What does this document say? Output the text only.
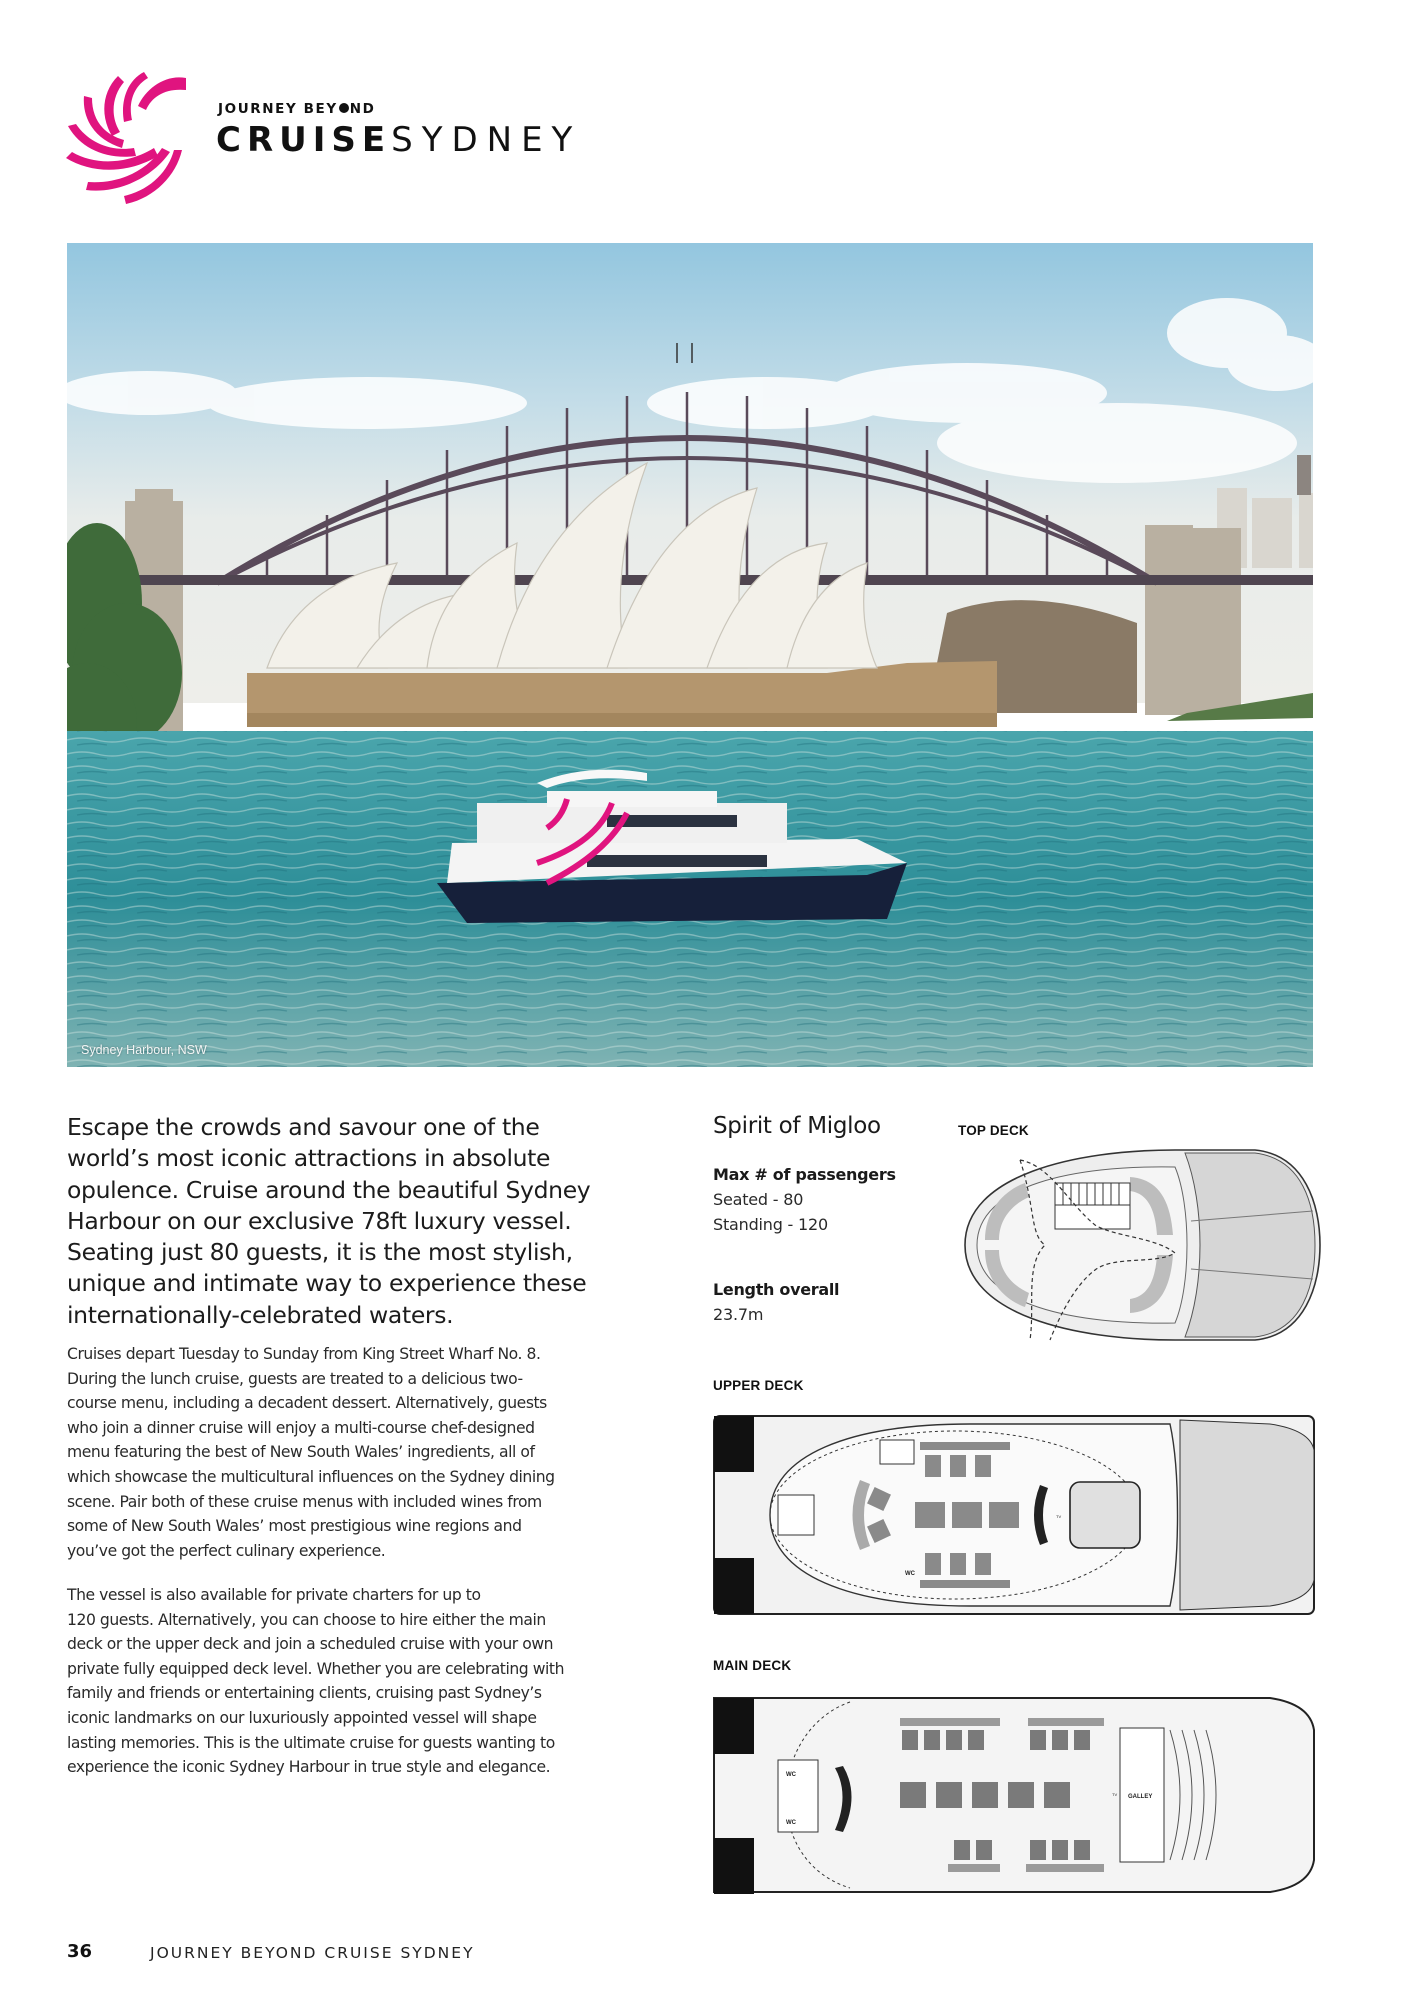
JOURNEY BEY ND
CRUISESYDNEY
Sydney Harbour, NSW
Escape the crowds and savour one of the
world’s most iconic attractions in absolute
opulence. Cruise around the beautiful Sydney
Harbour on our exclusive 78ft luxury vessel.
Seating just 80 guests, it is the most stylish,
unique and intimate way to experience these
internationally-celebrated waters.
Cruises depart Tuesday to Sunday from King Street Wharf No. 8.
During the lunch cruise, guests are treated to a delicious two-
course menu, including a decadent dessert. Alternatively, guests
who join a dinner cruise will enjoy a multi-course chef-designed
menu featuring the best of New South Wales’ ingredients, all of
which showcase the multicultural influences on the Sydney dining
scene. Pair both of these cruise menus with included wines from
some of New South Wales’ most prestigious wine regions and
you’ve got the perfect culinary experience.
The vessel is also available for private charters for up to
120 guests. Alternatively, you can choose to hire either the main
deck or the upper deck and join a scheduled cruise with your own
private fully equipped deck level. Whether you are celebrating with
family and friends or entertaining clients, cruising past Sydney’s
iconic landmarks on our luxuriously appointed vessel will shape
lasting memories. This is the ultimate cruise for guests wanting to
experience the iconic Sydney Harbour in true style and elegance.
Spirit of Migloo
Max # of passengers
Seated - 80
Standing - 120
Length overall
23.7m
TOP DECK
UPPER DECK
WC
TV
MAIN DECK
WC
WC
GALLEY
TV
36	JOURNEY BEYOND CRUISE SYDNEY
